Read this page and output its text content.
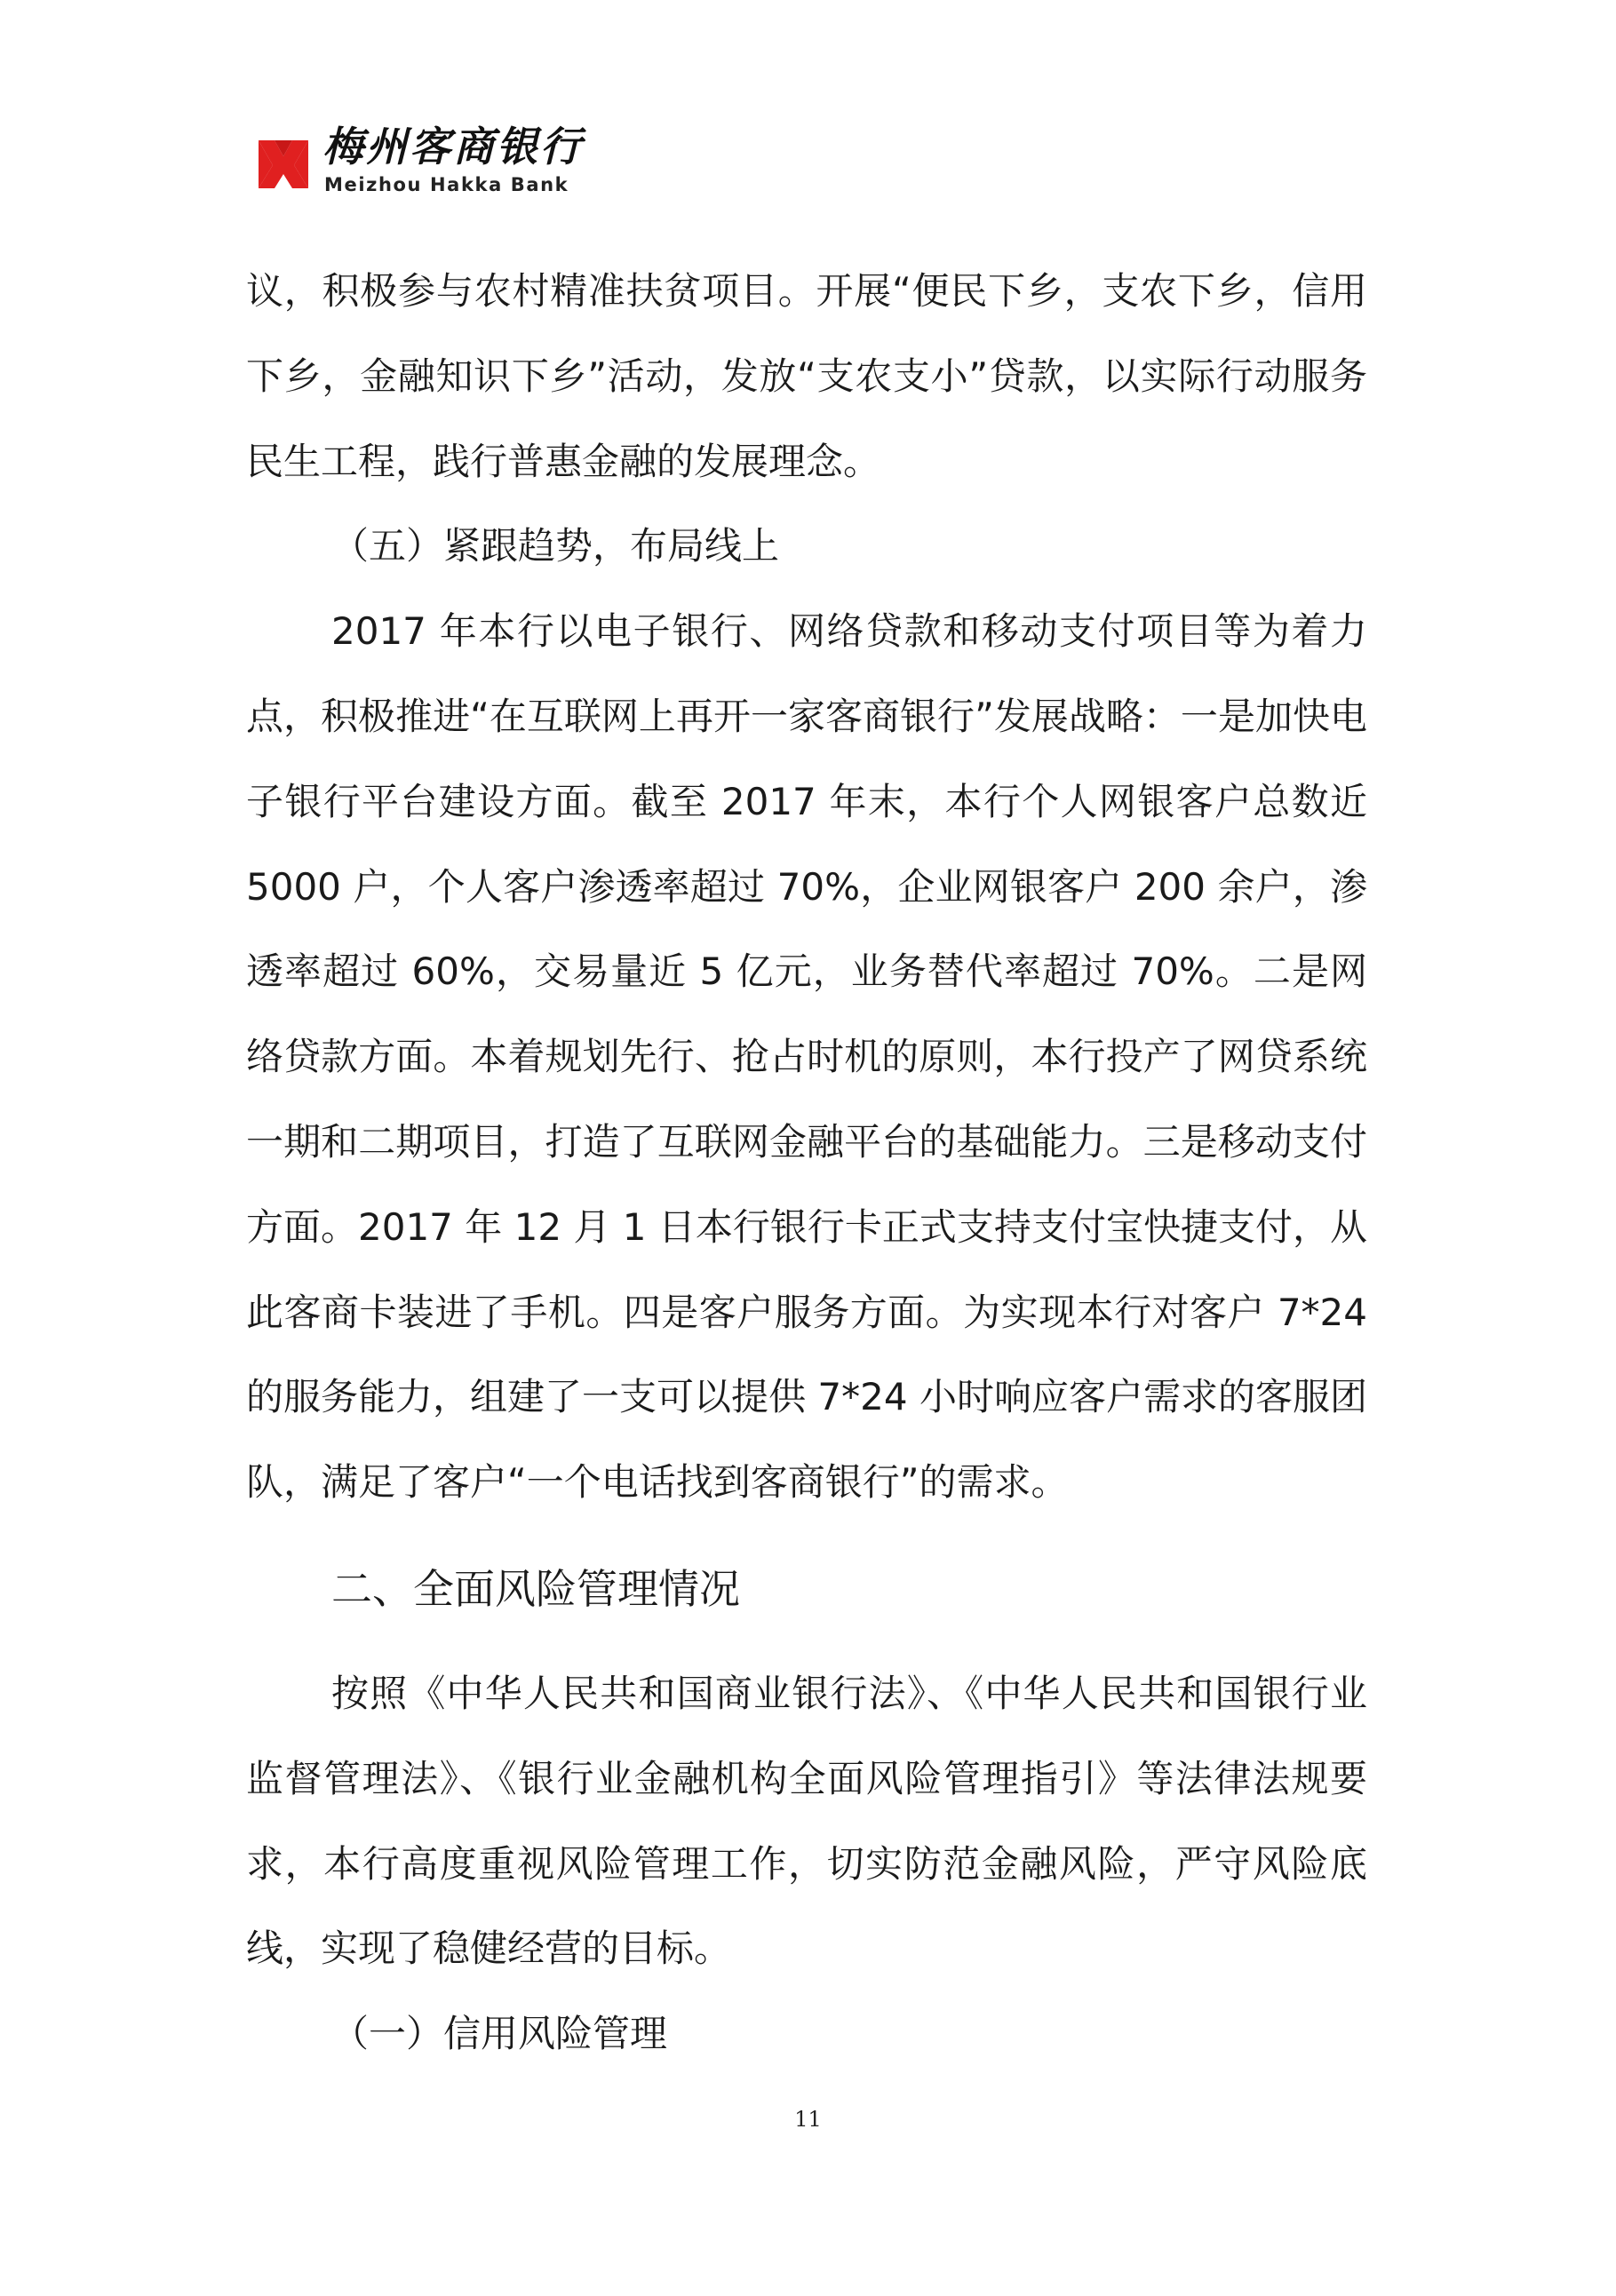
梅州客商银行
Meizhou Hakka Bank

议，积极参与农村精准扶贫项目。开展“便民下乡，支农下乡，信用下乡，金融知识下乡”活动，发放“支农支小”贷款，以实际行动服务民生工程，践行普惠金融的发展理念。

（五）紧跟趋势，布局线上

2017 年本行以电子银行、网络贷款和移动支付项目等为着力点，积极推进“在互联网上再开一家客商银行”发展战略：一是加快电子银行平台建设方面。截至 2017 年末，本行个人网银客户总数近 5000 户，个人客户渗透率超过 70%，企业网银客户 200 余户，渗透率超过 60%，交易量近 5 亿元，业务替代率超过 70%。二是网络贷款方面。本着规划先行、抢占时机的原则，本行投产了网贷系统一期和二期项目，打造了互联网金融平台的基础能力。三是移动支付方面。2017 年 12 月 1 日本行银行卡正式支持支付宝快捷支付，从此客商卡装进了手机。四是客户服务方面。为实现本行对客户 7*24 的服务能力，组建了一支可以提供 7*24 小时响应客户需求的客服团队，满足了客户“一个电话找到客商银行”的需求。

二、全面风险管理情况

按照《中华人民共和国商业银行法》、《中华人民共和国银行业监督管理法》、《银行业金融机构全面风险管理指引》等法律法规要求，本行高度重视风险管理工作，切实防范金融风险，严守风险底线，实现了稳健经营的目标。

（一）信用风险管理

11
